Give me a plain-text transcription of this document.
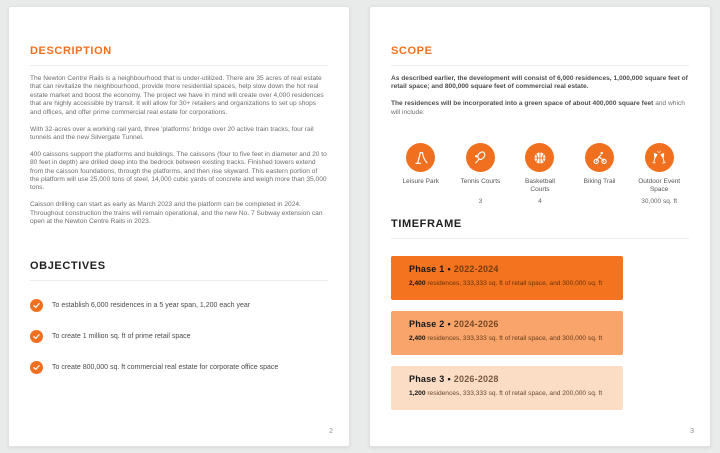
DESCRIPTION

The Newton Centre Rails is a neighbourhood that is under-utilized. There are 35 acres of real estate that can revitalize the neighbourhood, provide more residential spaces, help slow down the hot real estate market and boost the economy. The project we have in mind will create over 4,000 residences that are highly accessible by transit. It will allow for 30+ retailers and organizations to set up shops and offices, and offer prime commercial real estate for corporations.

With 32-acres over a working rail yard, three 'platforms' bridge over 20 active train tracks, four rail tunnels and the new Silvergate Tunnel.

400 caissons support the platforms and buildings. The caissons (four to five feet in diameter and 20 to 80 feet in depth) are drilled deep into the bedrock between existing tracks. Finished towers extend from the caisson foundations, through the platforms, and then rise skyward. This eastern portion of the platform will use 25,000 tons of steel, 14,000 cubic yards of concrete and weigh more than 35,000 tons.

Caisson drilling can start as early as March 2023 and the platform can be completed in 2024. Throughout construction the trains will remain operational, and the new No. 7 Subway extension can open at the Newton Centre Rails in 2023.

OBJECTIVES
To establish 6,000 residences in a 5 year span, 1,200 each year
To create 1 million sq. ft of prime retail space
To create 800,000 sq. ft commercial real estate for corporate office space
2
SCOPE

As described earlier, the development will consist of 6,000 residences, 1,000,000 square feet of retail space; and 800,000 square feet of commercial real estate.

The residences will be incorporated into a green space of about 400,000 square feet and which will include:

Leisure Park	Tennis Courts
3
Basketball Courts
4
Biking Trail	Outdoor Event Space
30,000 sq. ft
TIMEFRAME
Phase 1 • 2022-2024
2,400 residences, 333,333 sq. ft of retail space, and 300,000 sq. ft
Phase 2 • 2024-2026
2,400 residences, 333,333 sq. ft of retail space, and 300,000 sq. ft
Phase 3 • 2026-2028
1,200 residences, 333,333 sq. ft of retail space, and 200,000 sq. ft
3
